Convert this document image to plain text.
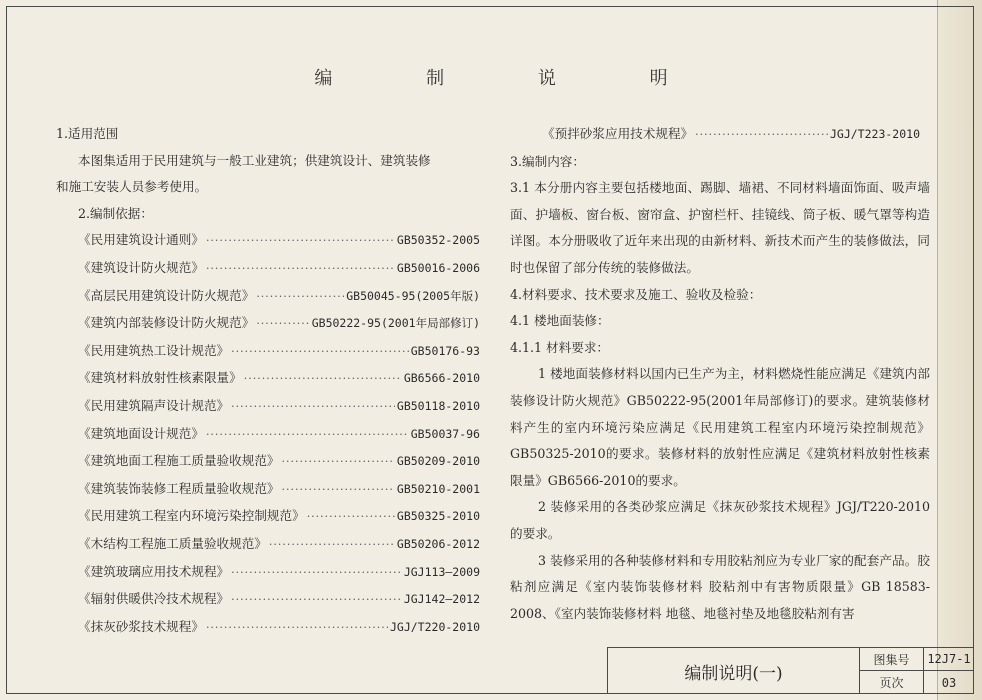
编 制 说 明
1.适用范围
本图集适用于民用建筑与一般工业建筑；供建筑设计、建筑装修
和施工安装人员参考使用。
2.编制依据：
《民用建筑设计通则》 ·····	GB50352-2005
《建筑设计防火规范》 ·····	GB50016-2006
《高层民用建筑设计防火规范》 ·····	GB50045-95(2005年版)
《建筑内部装修设计防火规范》 ·····	GB50222-95(2001年局部修订)
《民用建筑热工设计规范》 ·····	GB50176-93
《建筑材料放射性核素限量》 ·····	GB6566-2010
《民用建筑隔声设计规范》 ·····	GB50118-2010
《建筑地面设计规范》 ·····	GB50037-96
《建筑地面工程施工质量验收规范》 ·····	GB50209-2010
《建筑装饰装修工程质量验收规范》 ·····	GB50210-2001
《民用建筑工程室内环境污染控制规范》 ·····	GB50325-2010
《木结构工程施工质量验收规范》 ·····	GB50206-2012
《建筑玻璃应用技术规程》 ·····	JGJ113—2009
《辐射供暖供冷技术规程》 ·····	JGJ142—2012
《抹灰砂浆技术规程》 ·····	JGJ/T220-2010
《预拌砂浆应用技术规程》 ·····	JGJ/T223-2010
3.编制内容：
3.1 本分册内容主要包括楼地面、踢脚、墙裙、不同材料墙面饰面、吸声墙面、护墙板、窗台板、窗帘盒、护窗栏杆、挂镜线、筒子板、暖气罩等构造详图。本分册吸收了近年来出现的由新材料、新技术而产生的装修做法，同时也保留了部分传统的装修做法。
4.材料要求、技术要求及施工、验收及检验：
4.1 楼地面装修：
4.1.1 材料要求：
1 楼地面装修材料以国内已生产为主，材料燃烧性能应满足《建筑内部装修设计防火规范》GB50222-95(2001年局部修订)的要求。建筑装修材料产生的室内环境污染应满足《民用建筑工程室内环境污染控制规范》GB50325-2010的要求。装修材料的放射性应满足《建筑材料放射性核素限量》GB6566-2010的要求。
2 装修采用的各类砂浆应满足《抹灰砂浆技术规程》JGJ/T220-2010的要求。
3 装修采用的各种装修材料和专用胶粘剂应为专业厂家的配套产品。胶粘剂应满足《室内装饰装修材料 胶粘剂中有害物质限量》GB 18583-2008、《室内装饰装修材料 地毯、地毯衬垫及地毯胶粘剂有害
编制说明(一)
图集号	12J7-1
页次	03
